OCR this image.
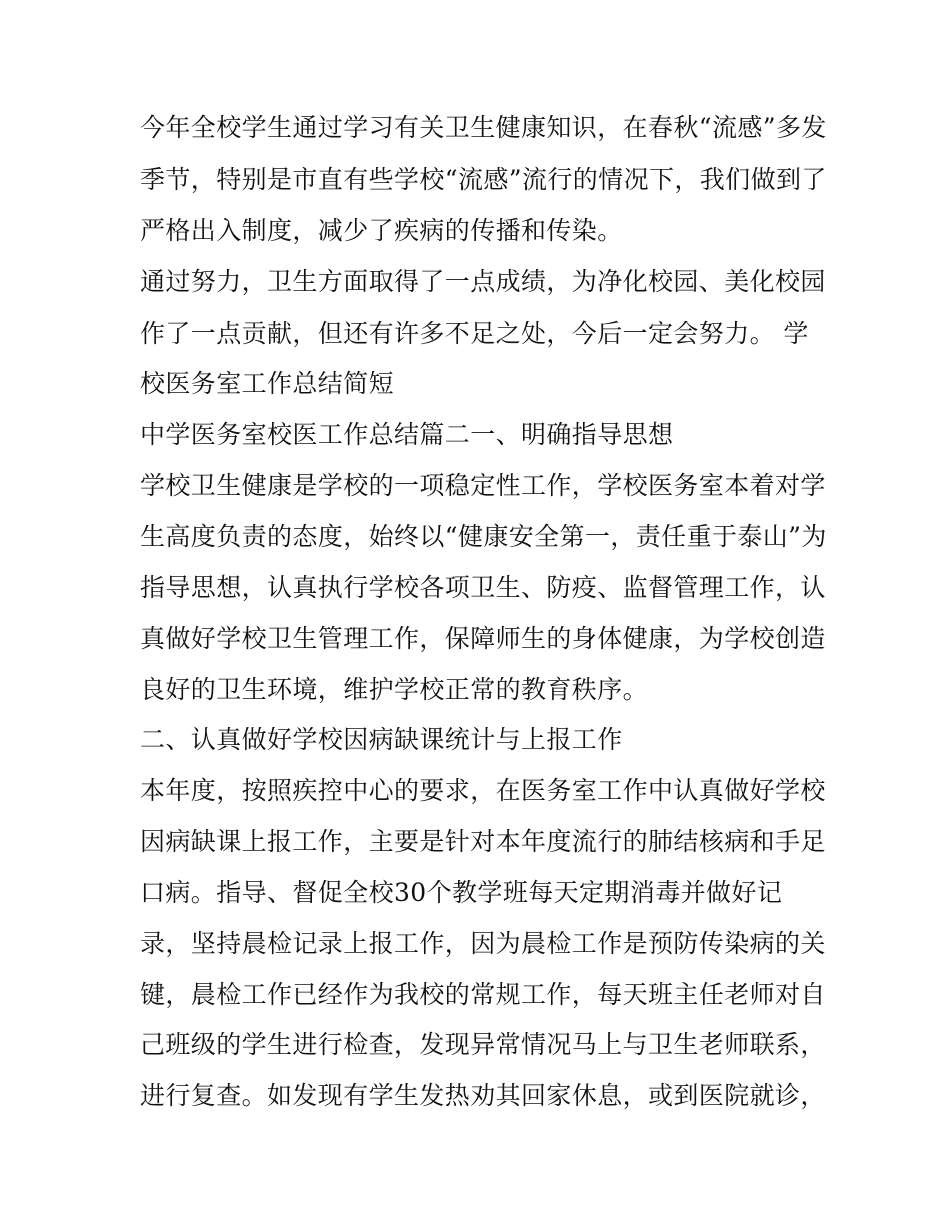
今年全校学生通过学习有关卫生健康知识，在春秋“流感”多发
季节，特别是市直有些学校“流感”流行的情况下，我们做到了
严格出入制度，减少了疾病的传播和传染。
通过努力，卫生方面取得了一点成绩，为净化校园、美化校园
作了一点贡献，但还有许多不足之处，今后一定会努力。 学
校医务室工作总结简短
中学医务室校医工作总结篇二一、明确指导思想
学校卫生健康是学校的一项稳定性工作，学校医务室本着对学
生高度负责的态度，始终以“健康安全第一，责任重于泰山”为
指导思想，认真执行学校各项卫生、防疫、监督管理工作，认
真做好学校卫生管理工作，保障师生的身体健康，为学校创造
良好的卫生环境，维护学校正常的教育秩序。
二、认真做好学校因病缺课统计与上报工作
本年度，按照疾控中心的要求，在医务室工作中认真做好学校
因病缺课上报工作，主要是针对本年度流行的肺结核病和手足
口病。指导、督促全校30个教学班每天定期消毒并做好记
录，坚持晨检记录上报工作，因为晨检工作是预防传染病的关
键，晨检工作已经作为我校的常规工作，每天班主任老师对自
己班级的学生进行检查，发现异常情况马上与卫生老师联系，
进行复查。如发现有学生发热劝其回家休息，或到医院就诊，
